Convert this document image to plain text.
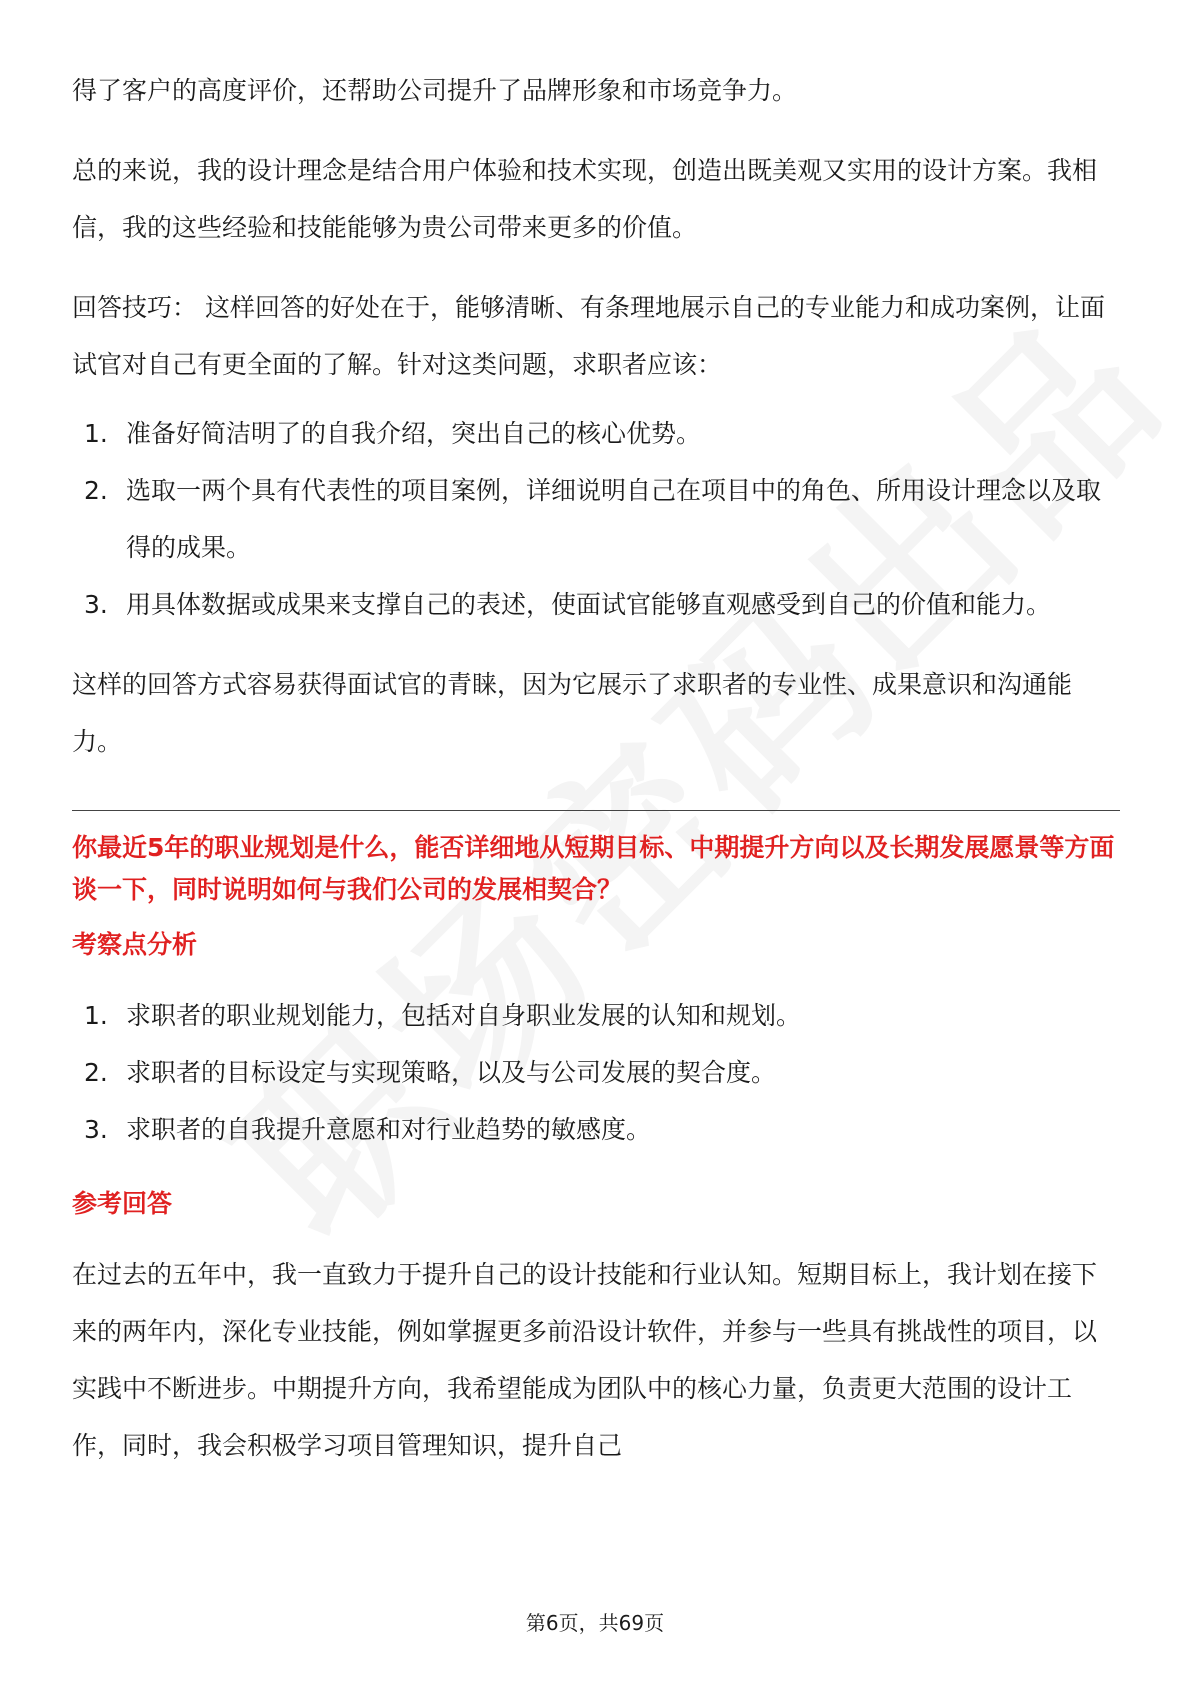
得了客户的高度评价，还帮助公司提升了品牌形象和市场竞争力。

总的来说，我的设计理念是结合用户体验和技术实现，创造出既美观又实用的设计方案。我相信，我的这些经验和技能能够为贵公司带来更多的价值。

回答技巧： 这样回答的好处在于，能够清晰、有条理地展示自己的专业能力和成功案例，让面试官对自己有更全面的了解。针对这类问题，求职者应该：

1. 准备好简洁明了的自我介绍，突出自己的核心优势。
2. 选取一两个具有代表性的项目案例，详细说明自己在项目中的角色、所用设计理念以及取得的成果。
3. 用具体数据或成果来支撑自己的表述，使面试官能够直观感受到自己的价值和能力。

这样的回答方式容易获得面试官的青睐，因为它展示了求职者的专业性、成果意识和沟通能力。

你最近5年的职业规划是什么，能否详细地从短期目标、中期提升方向以及长期发展愿景等方面谈一下，同时说明如何与我们公司的发展相契合？

考察点分析

1. 求职者的职业规划能力，包括对自身职业发展的认知和规划。
2. 求职者的目标设定与实现策略，以及与公司发展的契合度。
3. 求职者的自我提升意愿和对行业趋势的敏感度。

参考回答

在过去的五年中，我一直致力于提升自己的设计技能和行业认知。短期目标上，我计划在接下来的两年内，深化专业技能，例如掌握更多前沿设计软件，并参与一些具有挑战性的项目，以实践中不断进步。中期提升方向，我希望能成为团队中的核心力量，负责更大范围的设计工作，同时，我会积极学习项目管理知识，提升自己

第6页，共69页
